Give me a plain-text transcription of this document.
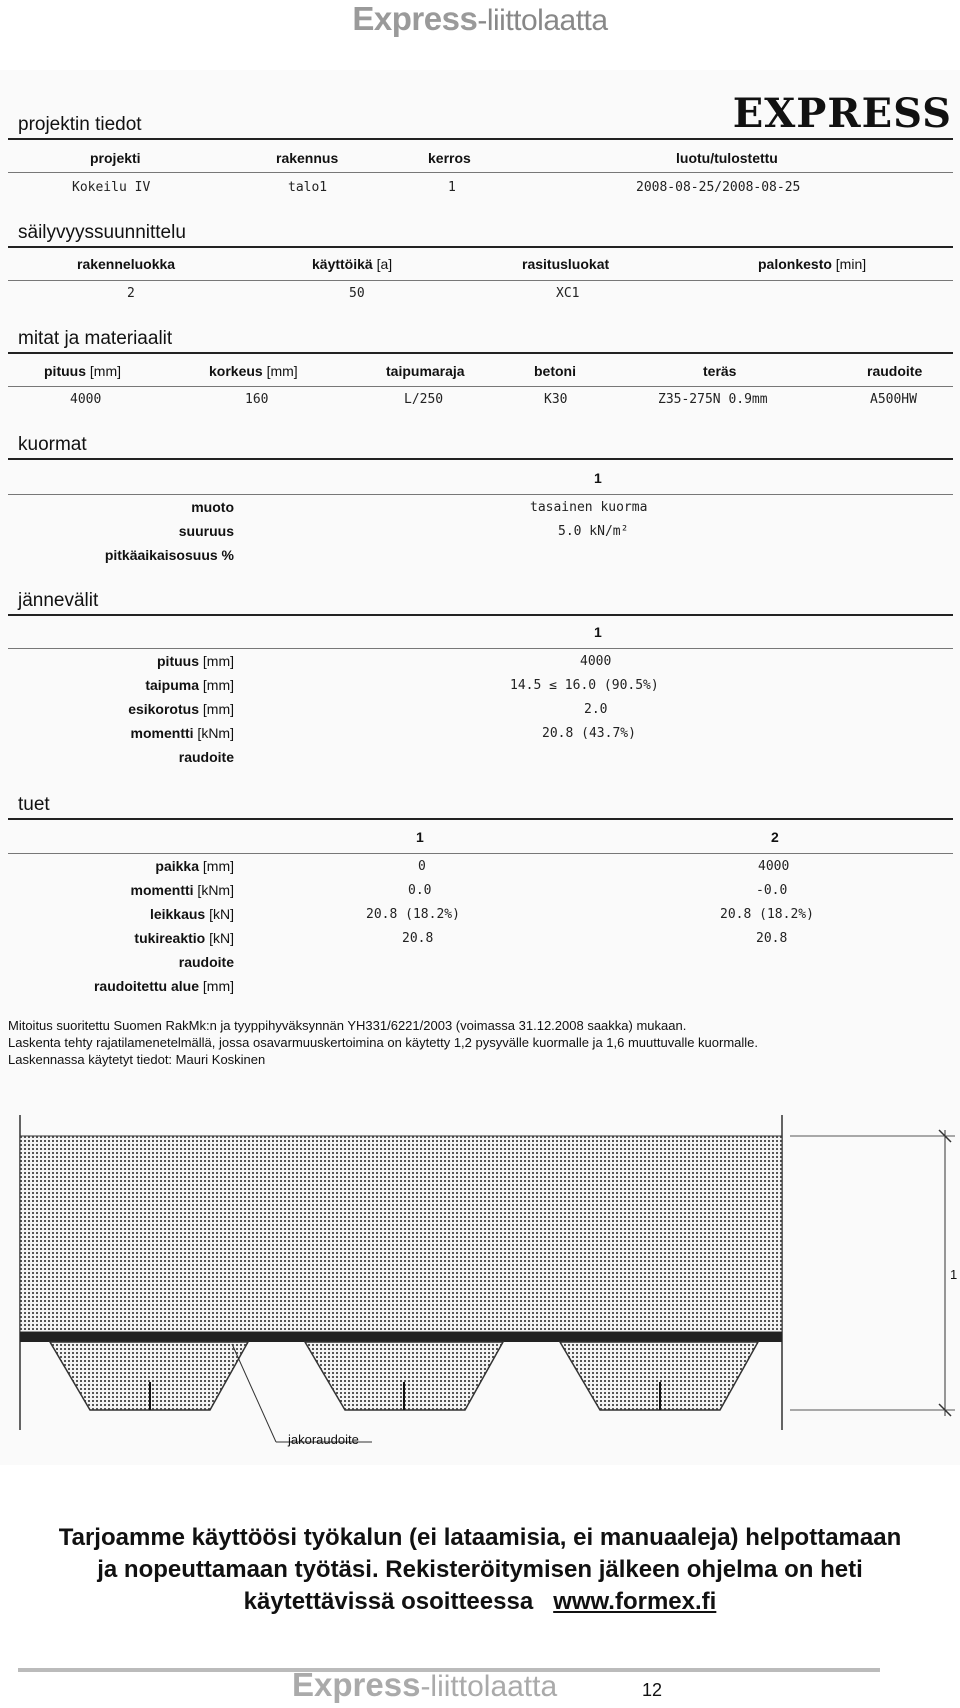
Express-liittolaatta
EXPRESS
projektin tiedot
projekti	rakennus	kerros	luotu/tulostettu
Kokeilu IV	talo1	1	2008-08-25/2008-08-25
säilyvyyssuunnittelu
rakenneluokka	käyttöikä [a]	rasitusluokat	palonkesto [min]
2	50	XC1
mitat ja materiaalit
pituus [mm]	korkeus [mm]	taipumaraja	betoni	teräs	raudoite
4000	160	L/250	K30	Z35-275N 0.9mm	A500HW
kuormat
1
muoto	tasainen kuorma
suuruus	5.0 kN/m²
pitkäaikaisosuus %
jännevälit
1
pituus [mm]	4000
taipuma [mm]	14.5 ≤ 16.0 (90.5%)
esikorotus [mm]	2.0
momentti [kNm]	20.8 (43.7%)
raudoite
tuet
1	2
paikka [mm]	0	4000
momentti [kNm]	0.0	-0.0
leikkaus [kN]	20.8 (18.2%)	20.8 (18.2%)
tukireaktio [kN]	20.8	20.8
raudoite
raudoitettu alue [mm]
Mitoitus suoritettu Suomen RakMk:n ja tyyppihyväksynnän YH331/6221/2003 (voimassa 31.12.2008 saakka) mukaan.
Laskenta tehty rajatilamenetelmällä, jossa osavarmuuskertoimina on käytetty 1,2 pysyvälle kuormalle ja 1,6 muuttuvalle kuormalle.
Laskennassa käytetyt tiedot: Mauri Koskinen
jakoraudoite
1
Tarjoamme käyttöösi työkalun (ei lataamisia, ei manuaaleja) helpottamaan
ja nopeuttamaan työtäsi. Rekisteröitymisen jälkeen ohjelma on heti
käytettävissä osoitteessa www.formex.fi
Express-liittolaatta	12
